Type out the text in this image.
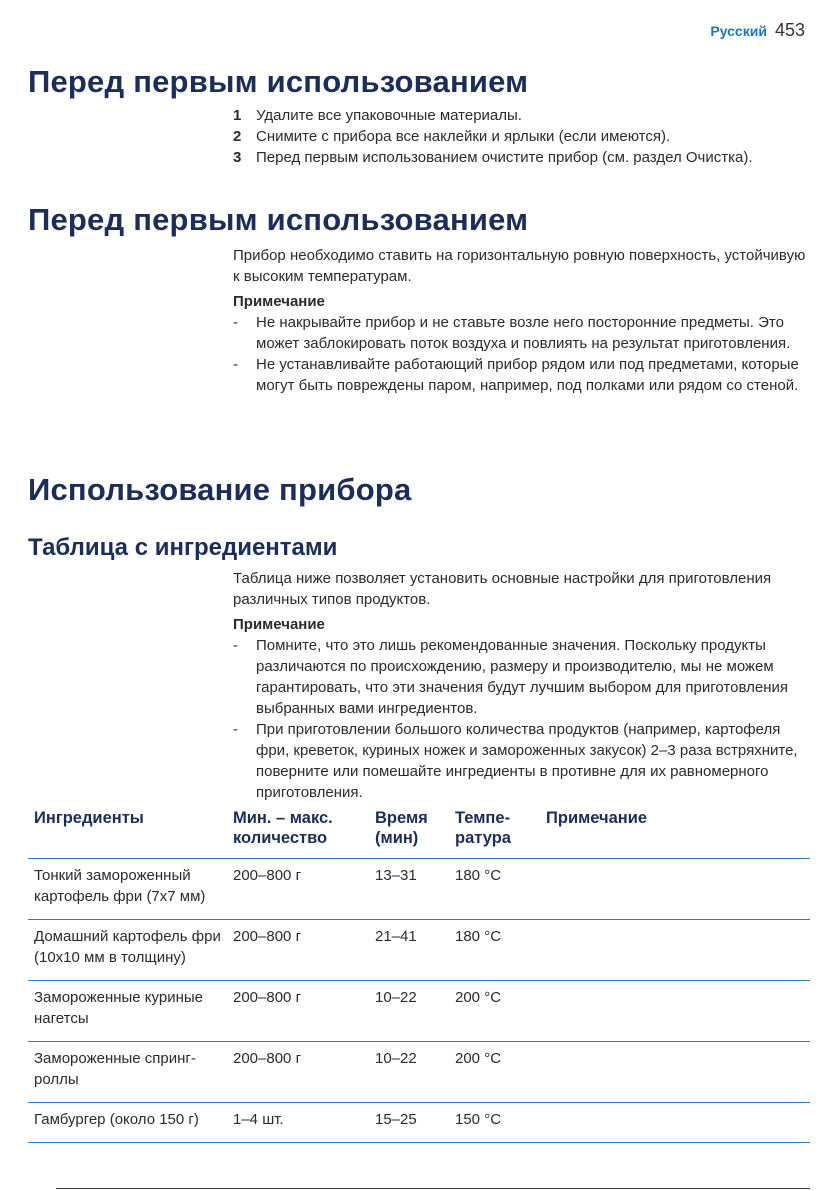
Русский 453
Перед первым использованием
1 Удалите все упаковочные материалы.
2 Снимите с прибора все наклейки и ярлыки (если имеются).
3 Перед первым использованием очистите прибор (см. раздел Очистка).
Перед первым использованием

Прибор необходимо ставить на горизонтальную ровную поверхность, устойчивую к высоким температурам.

Примечание
-	Не накрывайте прибор и не ставьте возле него посторонние предметы. Это может заблокировать поток воздуха и повлиять на результат приготовления.
-	Не устанавливайте работающий прибор рядом или под предметами, которые могут быть повреждены паром, например, под полками или рядом со стеной.
Использование прибора
Таблица с ингредиентами

Таблица ниже позволяет установить основные настройки для приготовления различных типов продуктов.

Примечание
-	Помните, что это лишь рекомендованные значения. Поскольку продукты различаются по происхождению, размеру и производителю, мы не можем гарантировать, что эти значения будут лучшим выбором для приготовления выбранных вами ингредиентов.
-	При приготовлении большого количества продуктов (например, картофеля фри, креветок, куриных ножек и замороженных закусок) 2–3 раза встряхните, поверните или помешайте ингредиенты в противне для их равномерного приготовления.
Ингредиенты	Мин. – макс. количество	Время (мин)	Темпе-ратура	Примечание
Тонкий замороженный картофель фри (7x7 мм)	200–800 г	13–31	180 °C	
Домашний картофель фри (10x10 мм в толщину)	200–800 г	21–41	180 °C	
Замороженные куриные нагетсы	200–800 г	10–22	200 °C	
Замороженные спринг-роллы	200–800 г	10–22	200 °C	
Гамбургер (около 150 г)	1–4 шт.	15–25	150 °C	
